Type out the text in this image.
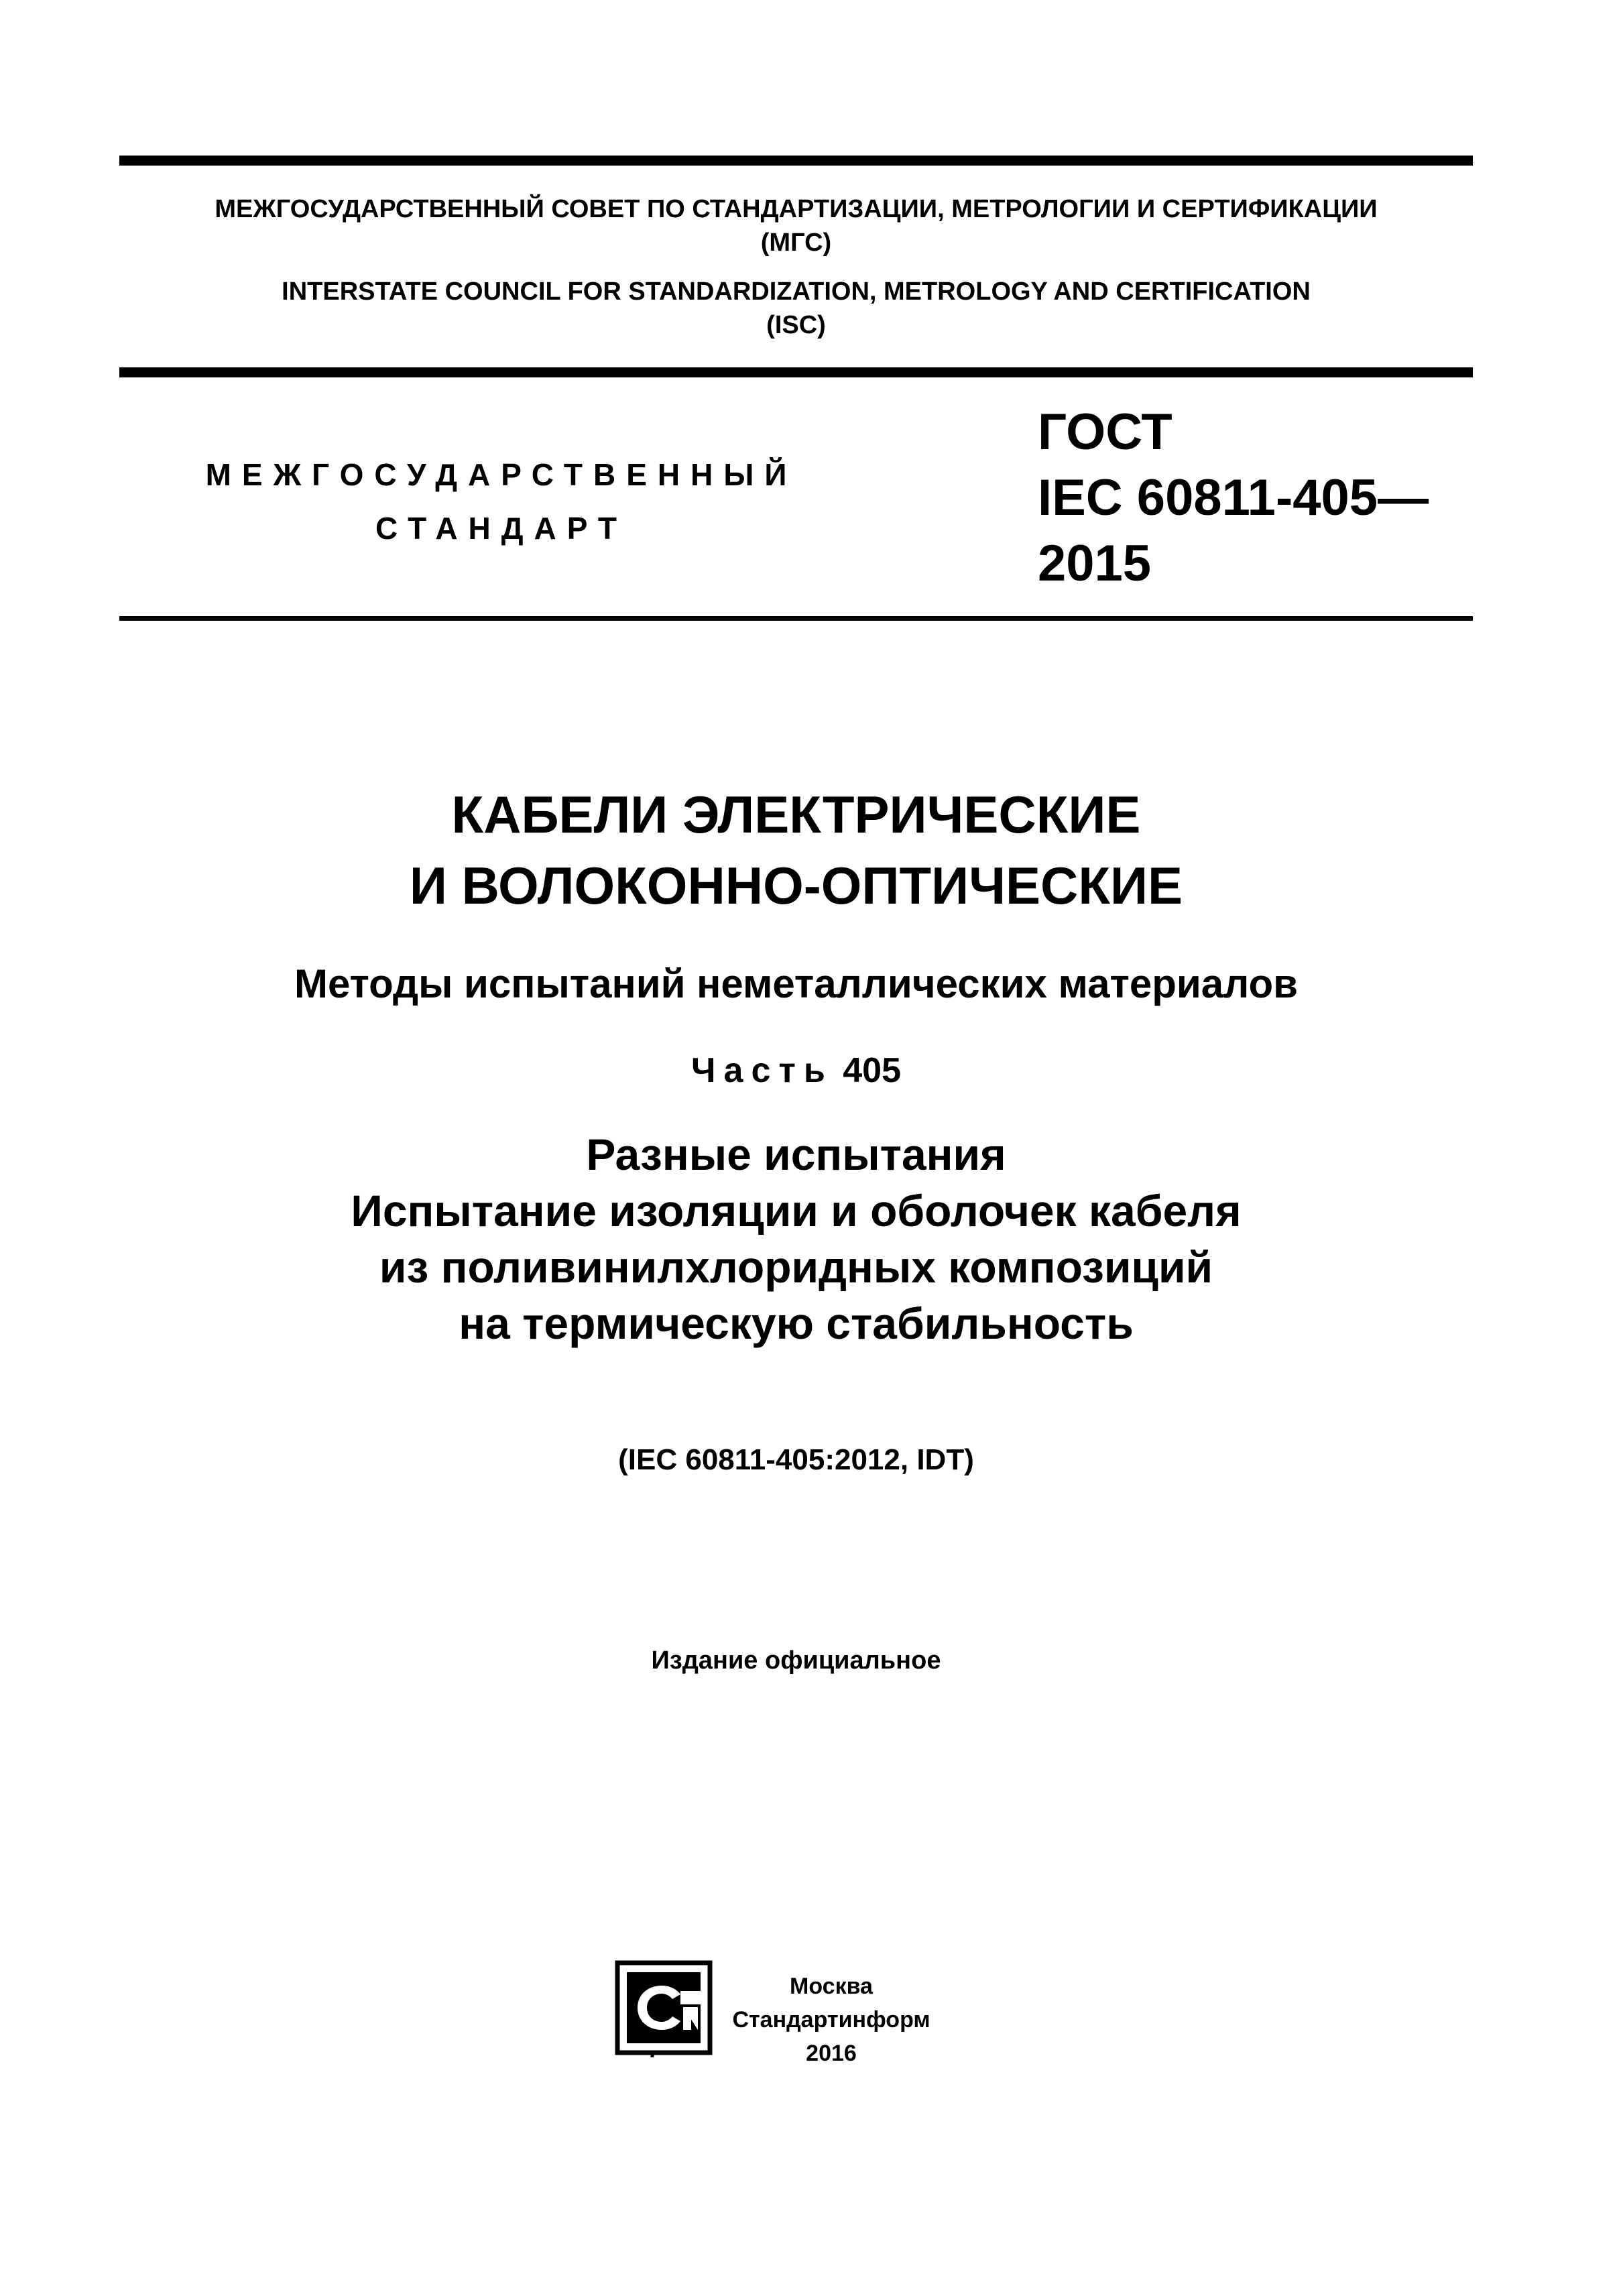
МЕЖГОСУДАРСТВЕННЫЙ СОВЕТ ПО СТАНДАРТИЗАЦИИ, МЕТРОЛОГИИ И СЕРТИФИКАЦИИ
(МГС)
INTERSTATE COUNCIL FOR STANDARDIZATION, METROLOGY AND CERTIFICATION
(ISC)
МЕЖГОСУДАРСТВЕННЫЙ
СТАНДАРТ
ГОСТ
IEC 60811-405—
2015
КАБЕЛИ ЭЛЕКТРИЧЕСКИЕ
И ВОЛОКОННО-ОПТИЧЕСКИЕ
Методы испытаний неметаллических материалов
Часть 405
Разные испытания
Испытание изоляции и оболочек кабеля
из поливинилхлоридных композиций
на термическую стабильность
(IEC 60811-405:2012, IDT)
Издание официальное
Москва
Стандартинформ
2016
